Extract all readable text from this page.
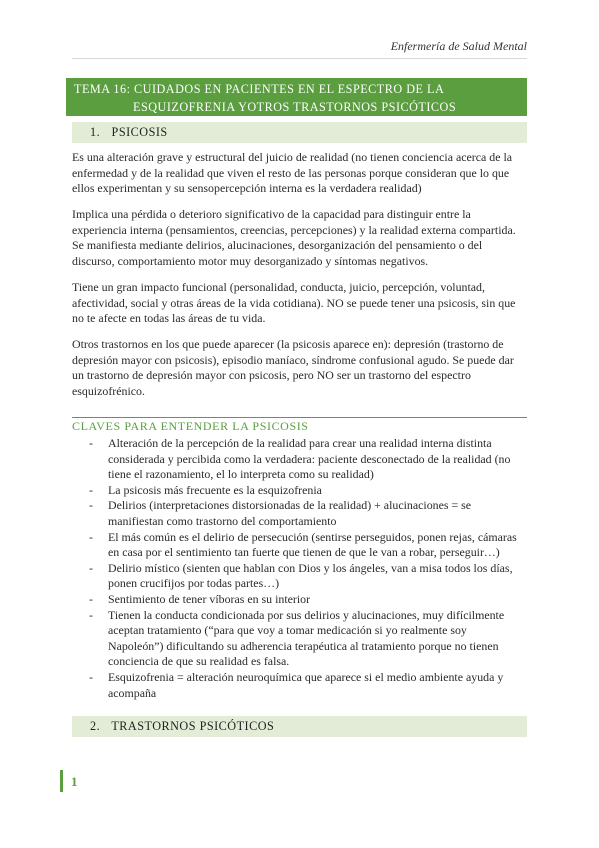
Enfermería de Salud Mental
TEMA 16: CUIDADOS EN PACIENTES EN EL ESPECTRO DE LA
ESQUIZOFRENIA YOTROS TRASTORNOS PSICÓTICOS
1. PSICOSIS
Es una alteración grave y estructural del juicio de realidad (no tienen conciencia acerca de la
enfermedad y de la realidad que viven el resto de las personas porque consideran que lo que
ellos experimentan y su sensopercepción interna es la verdadera realidad)
Implica una pérdida o deterioro significativo de la capacidad para distinguir entre la
experiencia interna (pensamientos, creencias, percepciones) y la realidad externa compartida.
Se manifiesta mediante delirios, alucinaciones, desorganización del pensamiento o del
discurso, comportamiento motor muy desorganizado y síntomas negativos.
Tiene un gran impacto funcional (personalidad, conducta, juicio, percepción, voluntad,
afectividad, social y otras áreas de la vida cotidiana). NO se puede tener una psicosis, sin que
no te afecte en todas las áreas de tu vida.
Otros trastornos en los que puede aparecer (la psicosis aparece en): depresión (trastorno de
depresión mayor con psicosis), episodio maníaco, síndrome confusional agudo. Se puede dar
un trastorno de depresión mayor con psicosis, pero NO ser un trastorno del espectro
esquizofrénico.
CLAVES PARA ENTENDER LA PSICOSIS
- Alteración de la percepción de la realidad para crear una realidad interna distinta
considerada y percibida como la verdadera: paciente desconectado de la realidad (no
tiene el razonamiento, el lo interpreta como su realidad)
- La psicosis más frecuente es la esquizofrenia
- Delirios (interpretaciones distorsionadas de la realidad) + alucinaciones = se
manifiestan como trastorno del comportamiento
- El más común es el delirio de persecución (sentirse perseguidos, ponen rejas, cámaras
en casa por el sentimiento tan fuerte que tienen de que le van a robar, perseguir…)
- Delirio místico (sienten que hablan con Dios y los ángeles, van a misa todos los días,
ponen crucifijos por todas partes…)
- Sentimiento de tener víboras en su interior
- Tienen la conducta condicionada por sus delirios y alucinaciones, muy difícilmente
aceptan tratamiento (“para que voy a tomar medicación si yo realmente soy
Napoleón”) dificultando su adherencia terapéutica al tratamiento porque no tienen
conciencia de que su realidad es falsa.
- Esquizofrenia = alteración neuroquímica que aparece si el medio ambiente ayuda y
acompaña
2. TRASTORNOS PSICÓTICOS
1
